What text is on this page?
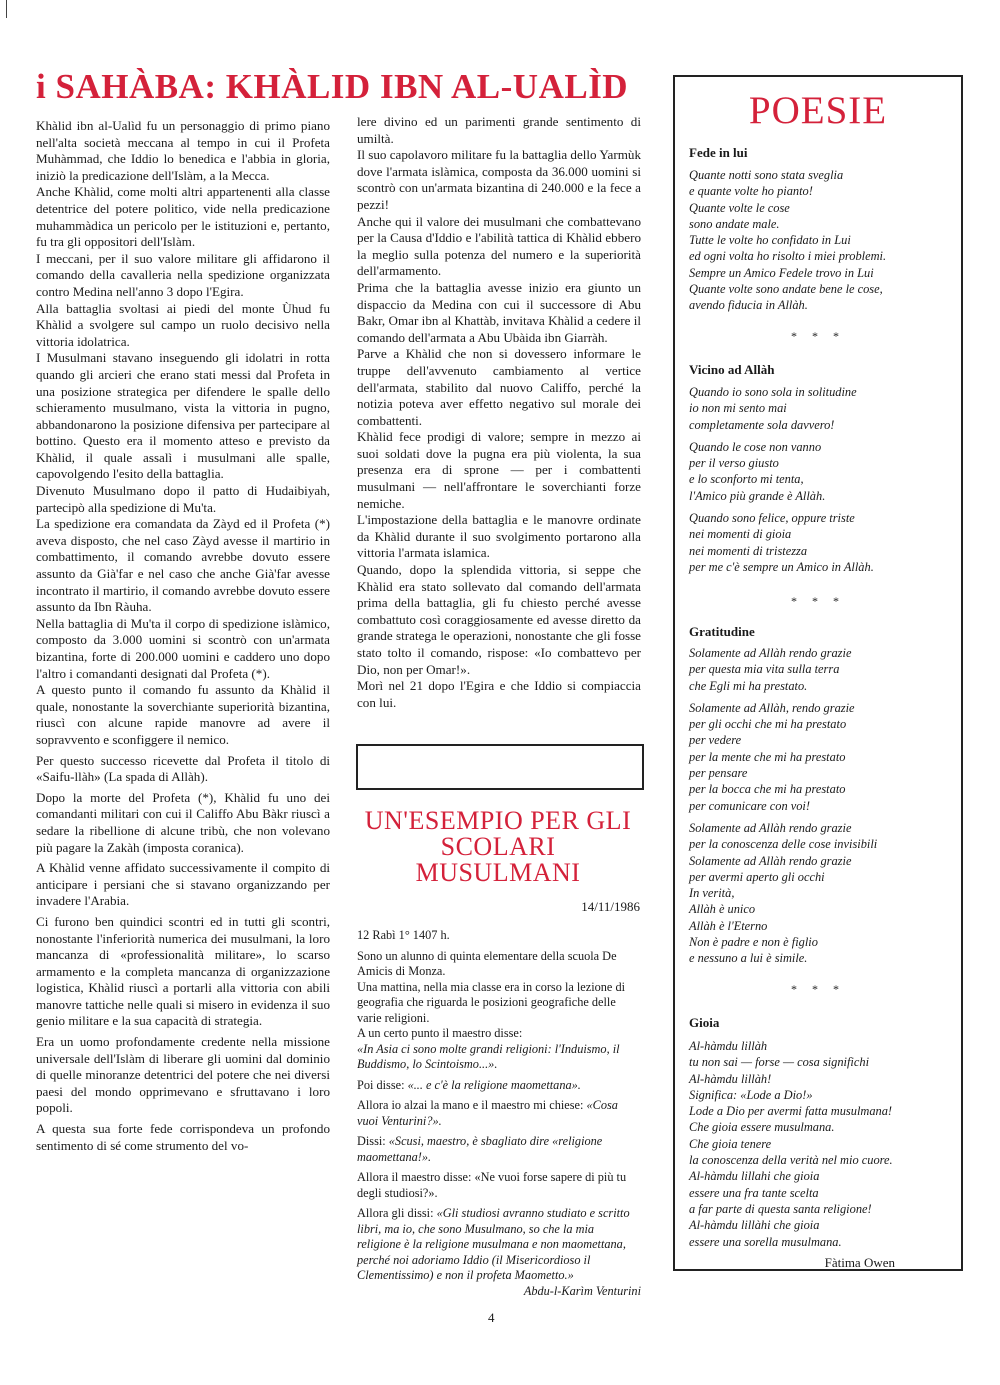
i SAHÀBA: KHÀLID IBN AL-UALÌD

Khàlid ibn al-Ualìd fu un personaggio di primo piano nell'alta società meccana al tempo in cui il Profeta Muhàmmad, che Iddio lo benedica e l'abbia in gloria, iniziò la predicazione dell'Islàm, a la Mecca.

Anche Khàlid, come molti altri appartenenti alla classe detentrice del potere politico, vide nella predicazione muhammàdica un pericolo per le istituzioni e, pertanto, fu tra gli oppositori dell'Islàm.

I meccani, per il suo valore militare gli affidarono il comando della cavalleria nella spedizione organizzata contro Medina nell'anno 3 dopo l'Egira.

Alla battaglia svoltasi ai piedi del monte Ùhud fu Khàlid a svolgere sul campo un ruolo decisivo nella vittoria idolatrica.

I Musulmani stavano inseguendo gli idolatri in rotta quando gli arcieri che erano stati messi dal Profeta in una posizione strategica per difendere le spalle dello schieramento musulmano, vista la vittoria in pugno, abbandonarono la posizione difensiva per partecipare al bottino. Questo era il momento atteso e previsto da Khàlid, il quale assalì i musulmani alle spalle, capovolgendo l'esito della battaglia.

Divenuto Musulmano dopo il patto di Hudaibiyah, partecipò alla spedizione di Mu'ta.

La spedizione era comandata da Zàyd ed il Profeta (*) aveva disposto, che nel caso Zàyd avesse il martirio in combattimento, il comando avrebbe dovuto essere assunto da Già'far e nel caso che anche Già'far avesse incontrato il martirio, il comando avrebbe dovuto essere assunto da Ibn Ràuha.

Nella battaglia di Mu'ta il corpo di spedizione islàmico, composto da 3.000 uomini si scontrò con un'armata bizantina, forte di 200.000 uomini e caddero uno dopo l'altro i comandanti designati dal Profeta (*).

A questo punto il comando fu assunto da Khàlid il quale, nonostante la soverchiante superiorità bizantina, riuscì con alcune rapide manovre ad avere il sopravvento e sconfiggere il nemico.

Per questo successo ricevette dal Profeta il titolo di «Saifu-llàh» (La spada di Allàh).

Dopo la morte del Profeta (*), Khàlid fu uno dei comandanti militari con cui il Califfo Abu Bàkr riuscì a sedare la ribellione di alcune tribù, che non volevano più pagare la Zakàh (imposta coranica).

A Khàlid venne affidato successivamente il compito di anticipare i persiani che si stavano organizzando per invadere l'Arabia.

Ci furono ben quindici scontri ed in tutti gli scontri, nonostante l'inferiorità numerica dei musulmani, la loro mancanza di «professionalità militare», lo scarso armamento e la completa mancanza di organizzazione logistica, Khàlid riuscì a portarli alla vittoria con abili manovre tattiche nelle quali si misero in evidenza il suo genio militare e la sua capacità di strategia.

Era un uomo profondamente credente nella missione universale dell'Islàm di liberare gli uomini dal dominio di quelle minoranze detentrici del potere che nei diversi paesi del mondo opprimevano e sfruttavano i loro popoli.

A questa sua forte fede corrispondeva un profondo sentimento di sé come strumento del vo-

lere divino ed un parimenti grande sentimento di umiltà.

Il suo capolavoro militare fu la battaglia dello Yarmùk dove l'armata islàmica, composta da 36.000 uomini si scontrò con un'armata bizantina di 240.000 e la fece a pezzi!

Anche qui il valore dei musulmani che combattevano per la Causa d'Iddio e l'abilità tattica di Khàlid ebbero la meglio sulla potenza del numero e la superiorità dell'armamento.

Prima che la battaglia avesse inizio era giunto un dispaccio da Medina con cui il successore di Abu Bakr, Omar ibn al Khattàb, invitava Khàlid a cedere il comando dell'armata a Abu Ubàida ibn Giarràh.

Parve a Khàlid che non si dovessero informare le truppe dell'avvenuto cambiamento al vertice dell'armata, stabilito dal nuovo Califfo, perché la notizia poteva aver effetto negativo sul morale dei combattenti.

Khàlid fece prodigi di valore; sempre in mezzo ai suoi soldati dove la pugna era più violenta, la sua presenza era di sprone — per i combattenti musulmani — nell'affrontare le soverchianti forze nemiche.

L'impostazione della battaglia e le manovre ordinate da Khàlid durante il suo svolgimento portarono alla vittoria l'armata islamica.

Quando, dopo la splendida vittoria, si seppe che Khàlid era stato sollevato dal comando dell'armata prima della battaglia, gli fu chiesto perché avesse combattuto così coraggiosamente ed avesse diretto da grande stratega le operazioni, nonostante che gli fosse stato tolto il comando, rispose: «Io combattevo per Dio, non per Omar!».

Morì nel 21 dopo l'Egira e che Iddio si compiaccia con lui.

UN'ESEMPIO PER GLI SCOLARI MUSULMANI
14/11/1986

12 Rabì 1° 1407 h.

Sono un alunno di quinta elementare della scuola De Amicis di Monza.

Una mattina, nella mia classe era in corso la lezione di geografia che riguarda le posizioni geografiche delle varie religioni.

A un certo punto il maestro disse:

«In Asia ci sono molte grandi religioni: l'Induismo, il Buddismo, lo Scintoismo...».

Poi disse: «... e c'è la religione maomettana».

Allora io alzai la mano e il maestro mi chiese: «Cosa vuoi Venturini?».

Dissi: «Scusi, maestro, è sbagliato dire «religione maomettana!».

Allora il maestro disse: «Ne vuoi forse sapere di più tu degli studiosi?».

Allora gli dissi: «Gli studiosi avranno studiato e scritto libri, ma io, che sono Musulmano, so che la mia religione è la religione musulmana e non maomettana, perché noi adoriamo Iddio (il Misericordioso il Clementissimo) e non il profeta Maometto.»

Abdu-l-Karìm Venturini

POESIE
Fede in lui

Quante notti sono stata sveglia

e quante volte ho pianto!

Quante volte le cose

sono andate male.

Tutte le volte ho confidato in Lui

ed ogni volta ho risolto i miei problemi.

Sempre un Amico Fedele trovo in Lui

Quante volte sono andate bene le cose,

avendo fiducia in Allàh.

* * *
Vicino ad Allàh

Quando io sono sola in solitudine

io non mi sento mai

completamente sola davvero!

Quando le cose non vanno

per il verso giusto

e lo sconforto mi tenta,

l'Amico più grande è Allàh.

Quando sono felice, oppure triste

nei momenti di gioia

nei momenti di tristezza

per me c'è sempre un Amico in Allàh.

* * *
Gratitudine

Solamente ad Allàh rendo grazie

per questa mia vita sulla terra

che Egli mi ha prestato.

Solamente ad Allàh, rendo grazie

per gli occhi che mi ha prestato

per vedere

per la mente che mi ha prestato

per pensare

per la bocca che mi ha prestato

per comunicare con voi!

Solamente ad Allàh rendo grazie

per la conoscenza delle cose invisibili

Solamente ad Allàh rendo grazie

per avermi aperto gli occhi

In verità,

Allàh è unico

Allàh è l'Eterno

Non è padre e non è figlio

e nessuno a lui è simile.

* * *
Gioia

Al-hàmdu lillàh

tu non sai — forse — cosa significhi

Al-hàmdu lillàh!

Significa: «Lode a Dio!»

Lode a Dio per avermi fatta musulmana!

Che gioia essere musulmana.

Che gioia tenere

la conoscenza della verità nel mio cuore.

Al-hàmdu lillahi che gioia

essere una fra tante scelta

a far parte di questa santa religione!

Al-hàmdu lillàhi che gioia

essere una sorella musulmana.

Fàtima Owen
4
